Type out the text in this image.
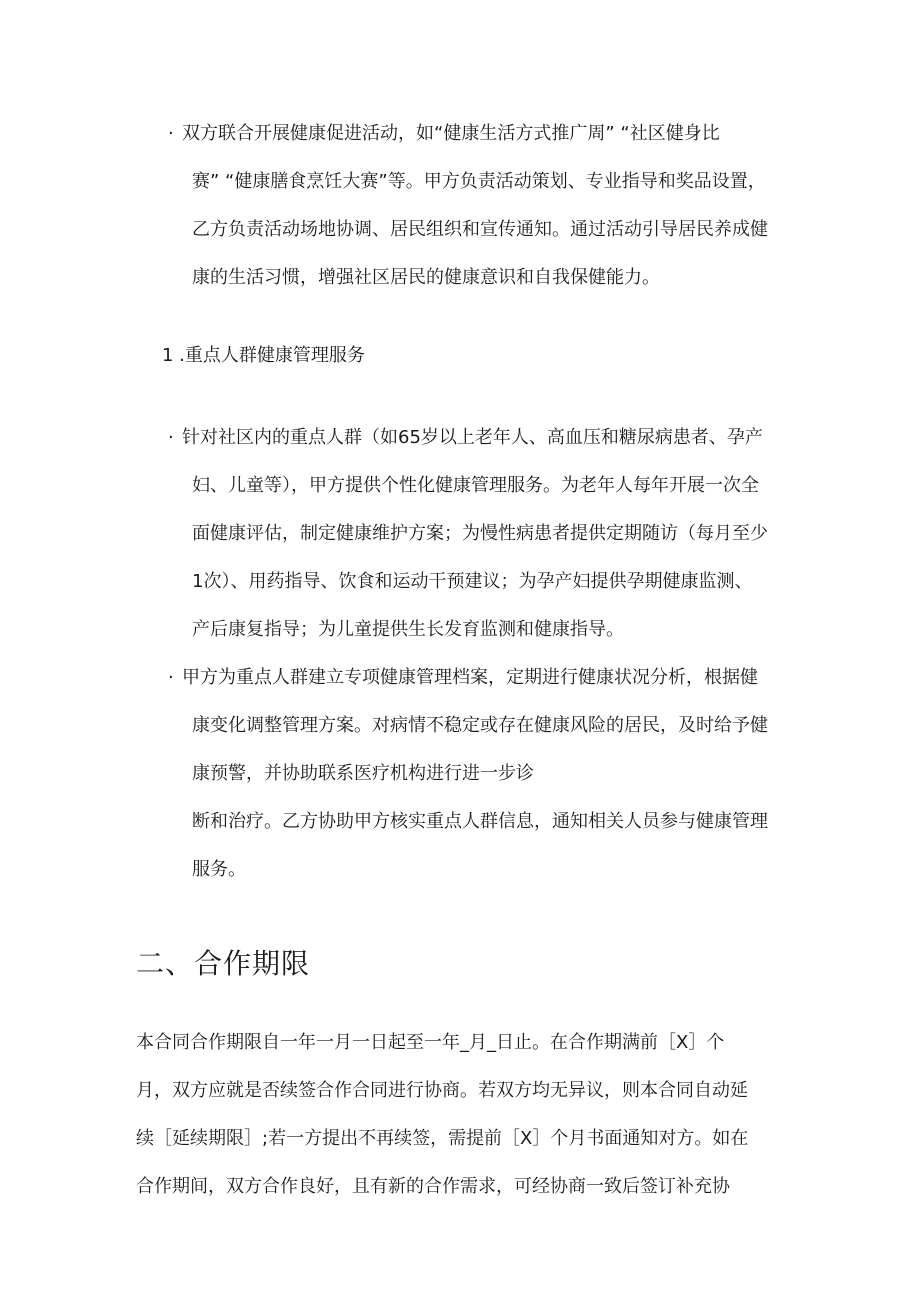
· 双方联合开展健康促进活动，如“健康生活方式推广周” “社区健身比
赛” “健康膳食烹饪大赛”等。甲方负责活动策划、专业指导和奖品设置，
乙方负责活动场地协调、居民组织和宣传通知。通过活动引导居民养成健
康的生活习惯，增强社区居民的健康意识和自我保健能力。
1 .重点人群健康管理服务
· 针对社区内的重点人群（如65岁以上老年人、高血压和糖尿病患者、孕产
妇、儿童等），甲方提供个性化健康管理服务。为老年人每年开展一次全
面健康评估，制定健康维护方案；为慢性病患者提供定期随访（每月至少
1次）、用药指导、饮食和运动干预建议；为孕产妇提供孕期健康监测、
产后康复指导；为儿童提供生长发育监测和健康指导。
· 甲方为重点人群建立专项健康管理档案，定期进行健康状况分析，根据健
康变化调整管理方案。对病情不稳定或存在健康风险的居民，及时给予健
康预警，并协助联系医疗机构进行进一步诊
断和治疗。乙方协助甲方核实重点人群信息，通知相关人员参与健康管理
服务。
二、合作期限
本合同合作期限自一年一月一日起至一年_月_日止。在合作期满前［X］个
月，双方应就是否续签合作合同进行协商。若双方均无异议，则本合同自动延
续［延续期限］;若一方提出不再续签，需提前［X］个月书面通知对方。如在
合作期间，双方合作良好，且有新的合作需求，可经协商一致后签订补充协
